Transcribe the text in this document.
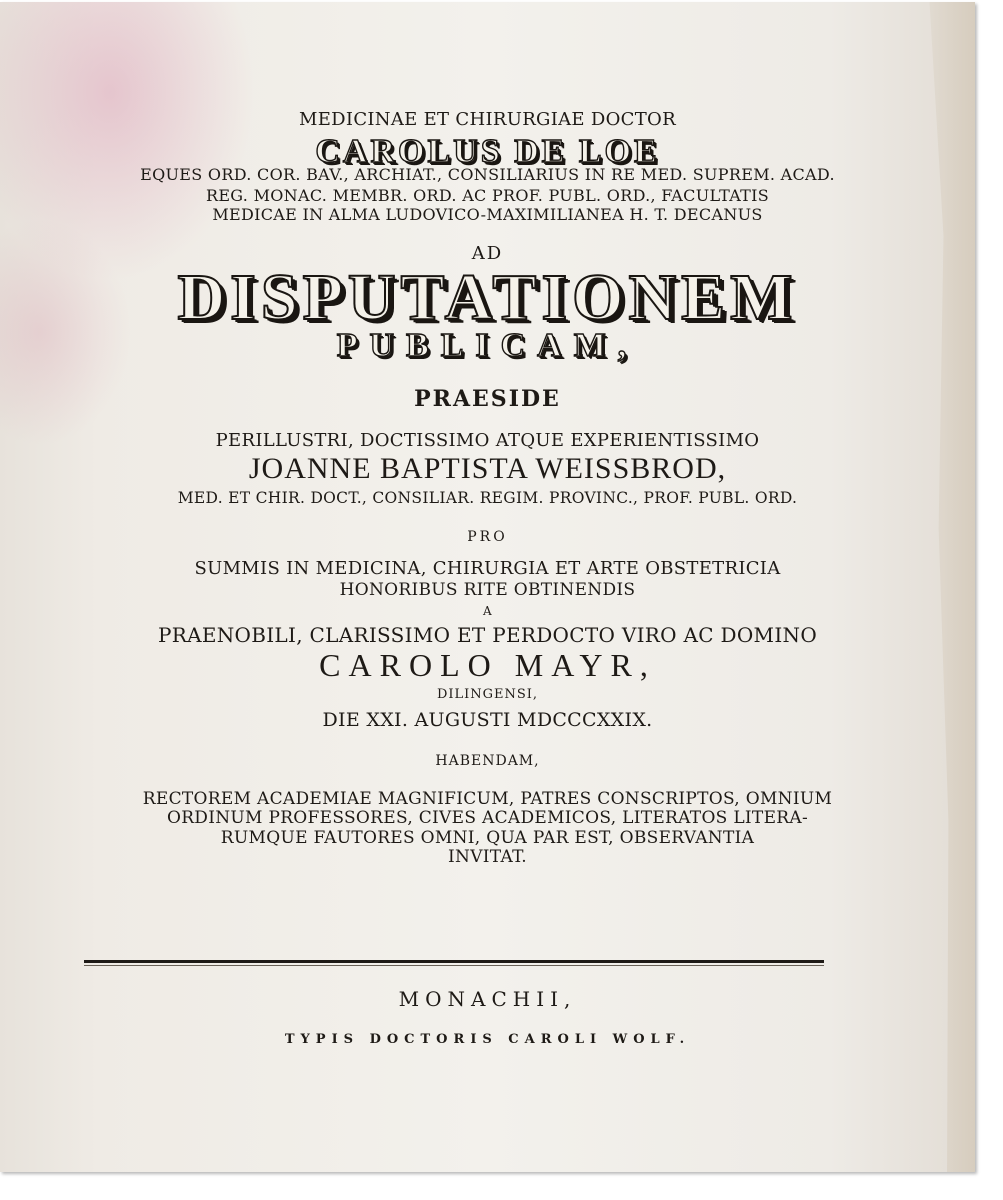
MEDICINAE ET CHIRURGIAE DOCTOR
CAROLUS DE LOE
EQUES ORD. COR. BAV., ARCHIAT., CONSILIARIUS IN RE MED. SUPREM. ACAD.
REG. MONAC. MEMBR. ORD. AC PROF. PUBL. ORD., FACULTATIS
MEDICAE IN ALMA LUDOVICO-MAXIMILIANEA H. T. DECANUS
AD
DISPUTATIONEM
PUBLICAM,
PRAESIDE
PERILLUSTRI, DOCTISSIMO ATQUE EXPERIENTISSIMO
JOANNE BAPTISTA WEISSBROD,
MED. ET CHIR. DOCT., CONSILIAR. REGIM. PROVINC., PROF. PUBL. ORD.
PRO
SUMMIS IN MEDICINA, CHIRURGIA ET ARTE OBSTETRICIA
HONORIBUS RITE OBTINENDIS
A
PRAENOBILI, CLARISSIMO ET PERDOCTO VIRO AC DOMINO
CAROLO MAYR,
DILINGENSI,
DIE XXI. AUGUSTI MDCCCXXIX.
HABENDAM,
RECTOREM ACADEMIAE MAGNIFICUM, PATRES CONSCRIPTOS, OMNIUM
ORDINUM PROFESSORES, CIVES ACADEMICOS, LITERATOS LITERA-
RUMQUE FAUTORES OMNI, QUA PAR EST, OBSERVANTIA
INVITAT.
MONACHII,
TYPIS DOCTORIS CAROLI WOLF.
